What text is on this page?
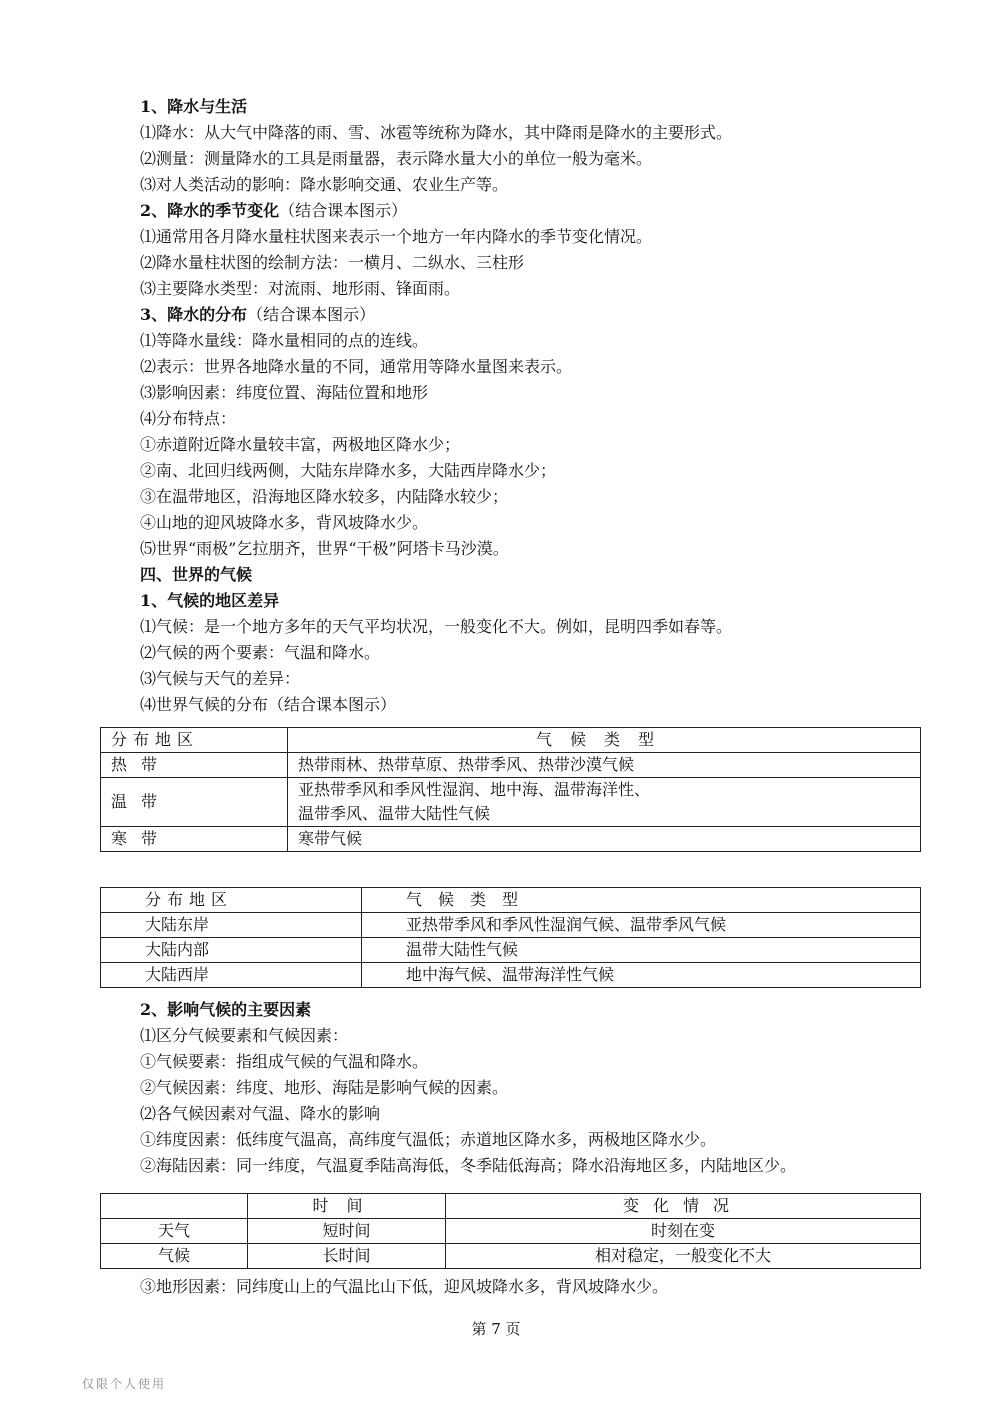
1、降水与生活
⑴降水：从大气中降落的雨、雪、冰雹等统称为降水，其中降雨是降水的主要形式。
⑵测量：测量降水的工具是雨量器，表示降水量大小的单位一般为毫米。
⑶对人类活动的影响：降水影响交通、农业生产等。
2、降水的季节变化（结合课本图示）
⑴通常用各月降水量柱状图来表示一个地方一年内降水的季节变化情况。
⑵降水量柱状图的绘制方法：一横月、二纵水、三柱形
⑶主要降水类型：对流雨、地形雨、锋面雨。
3、降水的分布（结合课本图示）
⑴等降水量线：降水量相同的点的连线。
⑵表示：世界各地降水量的不同，通常用等降水量图来表示。
⑶影响因素：纬度位置、海陆位置和地形
⑷分布特点：
①赤道附近降水量较丰富，两极地区降水少；
②南、北回归线两侧，大陆东岸降水多，大陆西岸降水少；
③在温带地区，沿海地区降水较多，内陆降水较少；
④山地的迎风坡降水多，背风坡降水少。
⑸世界“雨极”乞拉朋齐，世界“干极”阿塔卡马沙漠。
四、世界的气候
1、气候的地区差异
⑴气候：是一个地方多年的天气平均状况，一般变化不大。例如，昆明四季如春等。
⑵气候的两个要素：气温和降水。
⑶气候与天气的差异：
⑷世界气候的分布（结合课本图示）
分布地区	气候类型
热带	热带雨林、热带草原、热带季风、热带沙漠气候
温带	亚热带季风和季风性湿润、地中海、温带海洋性、
温带季风、温带大陆性气候

寒带	寒带气候
分布地区	气候类型
大陆东岸	亚热带季风和季风性湿润气候、温带季风气候
大陆内部	温带大陆性气候
大陆西岸	地中海气候、温带海洋性气候
2、影响气候的主要因素
⑴区分气候要素和气候因素：
①气候要素：指组成气候的气温和降水。
②气候因素：纬度、地形、海陆是影响气候的因素。
⑵各气候因素对气温、降水的影响
①纬度因素：低纬度气温高，高纬度气温低；赤道地区降水多，两极地区降水少。
②海陆因素：同一纬度，气温夏季陆高海低，冬季陆低海高；降水沿海地区多，内陆地区少。
	时间	变化情况
天气	短时间	时刻在变
气候	长时间	相对稳定，一般变化不大
③地形因素：同纬度山上的气温比山下低，迎风坡降水多，背风坡降水少。
第 7 页
仅限个人使用
